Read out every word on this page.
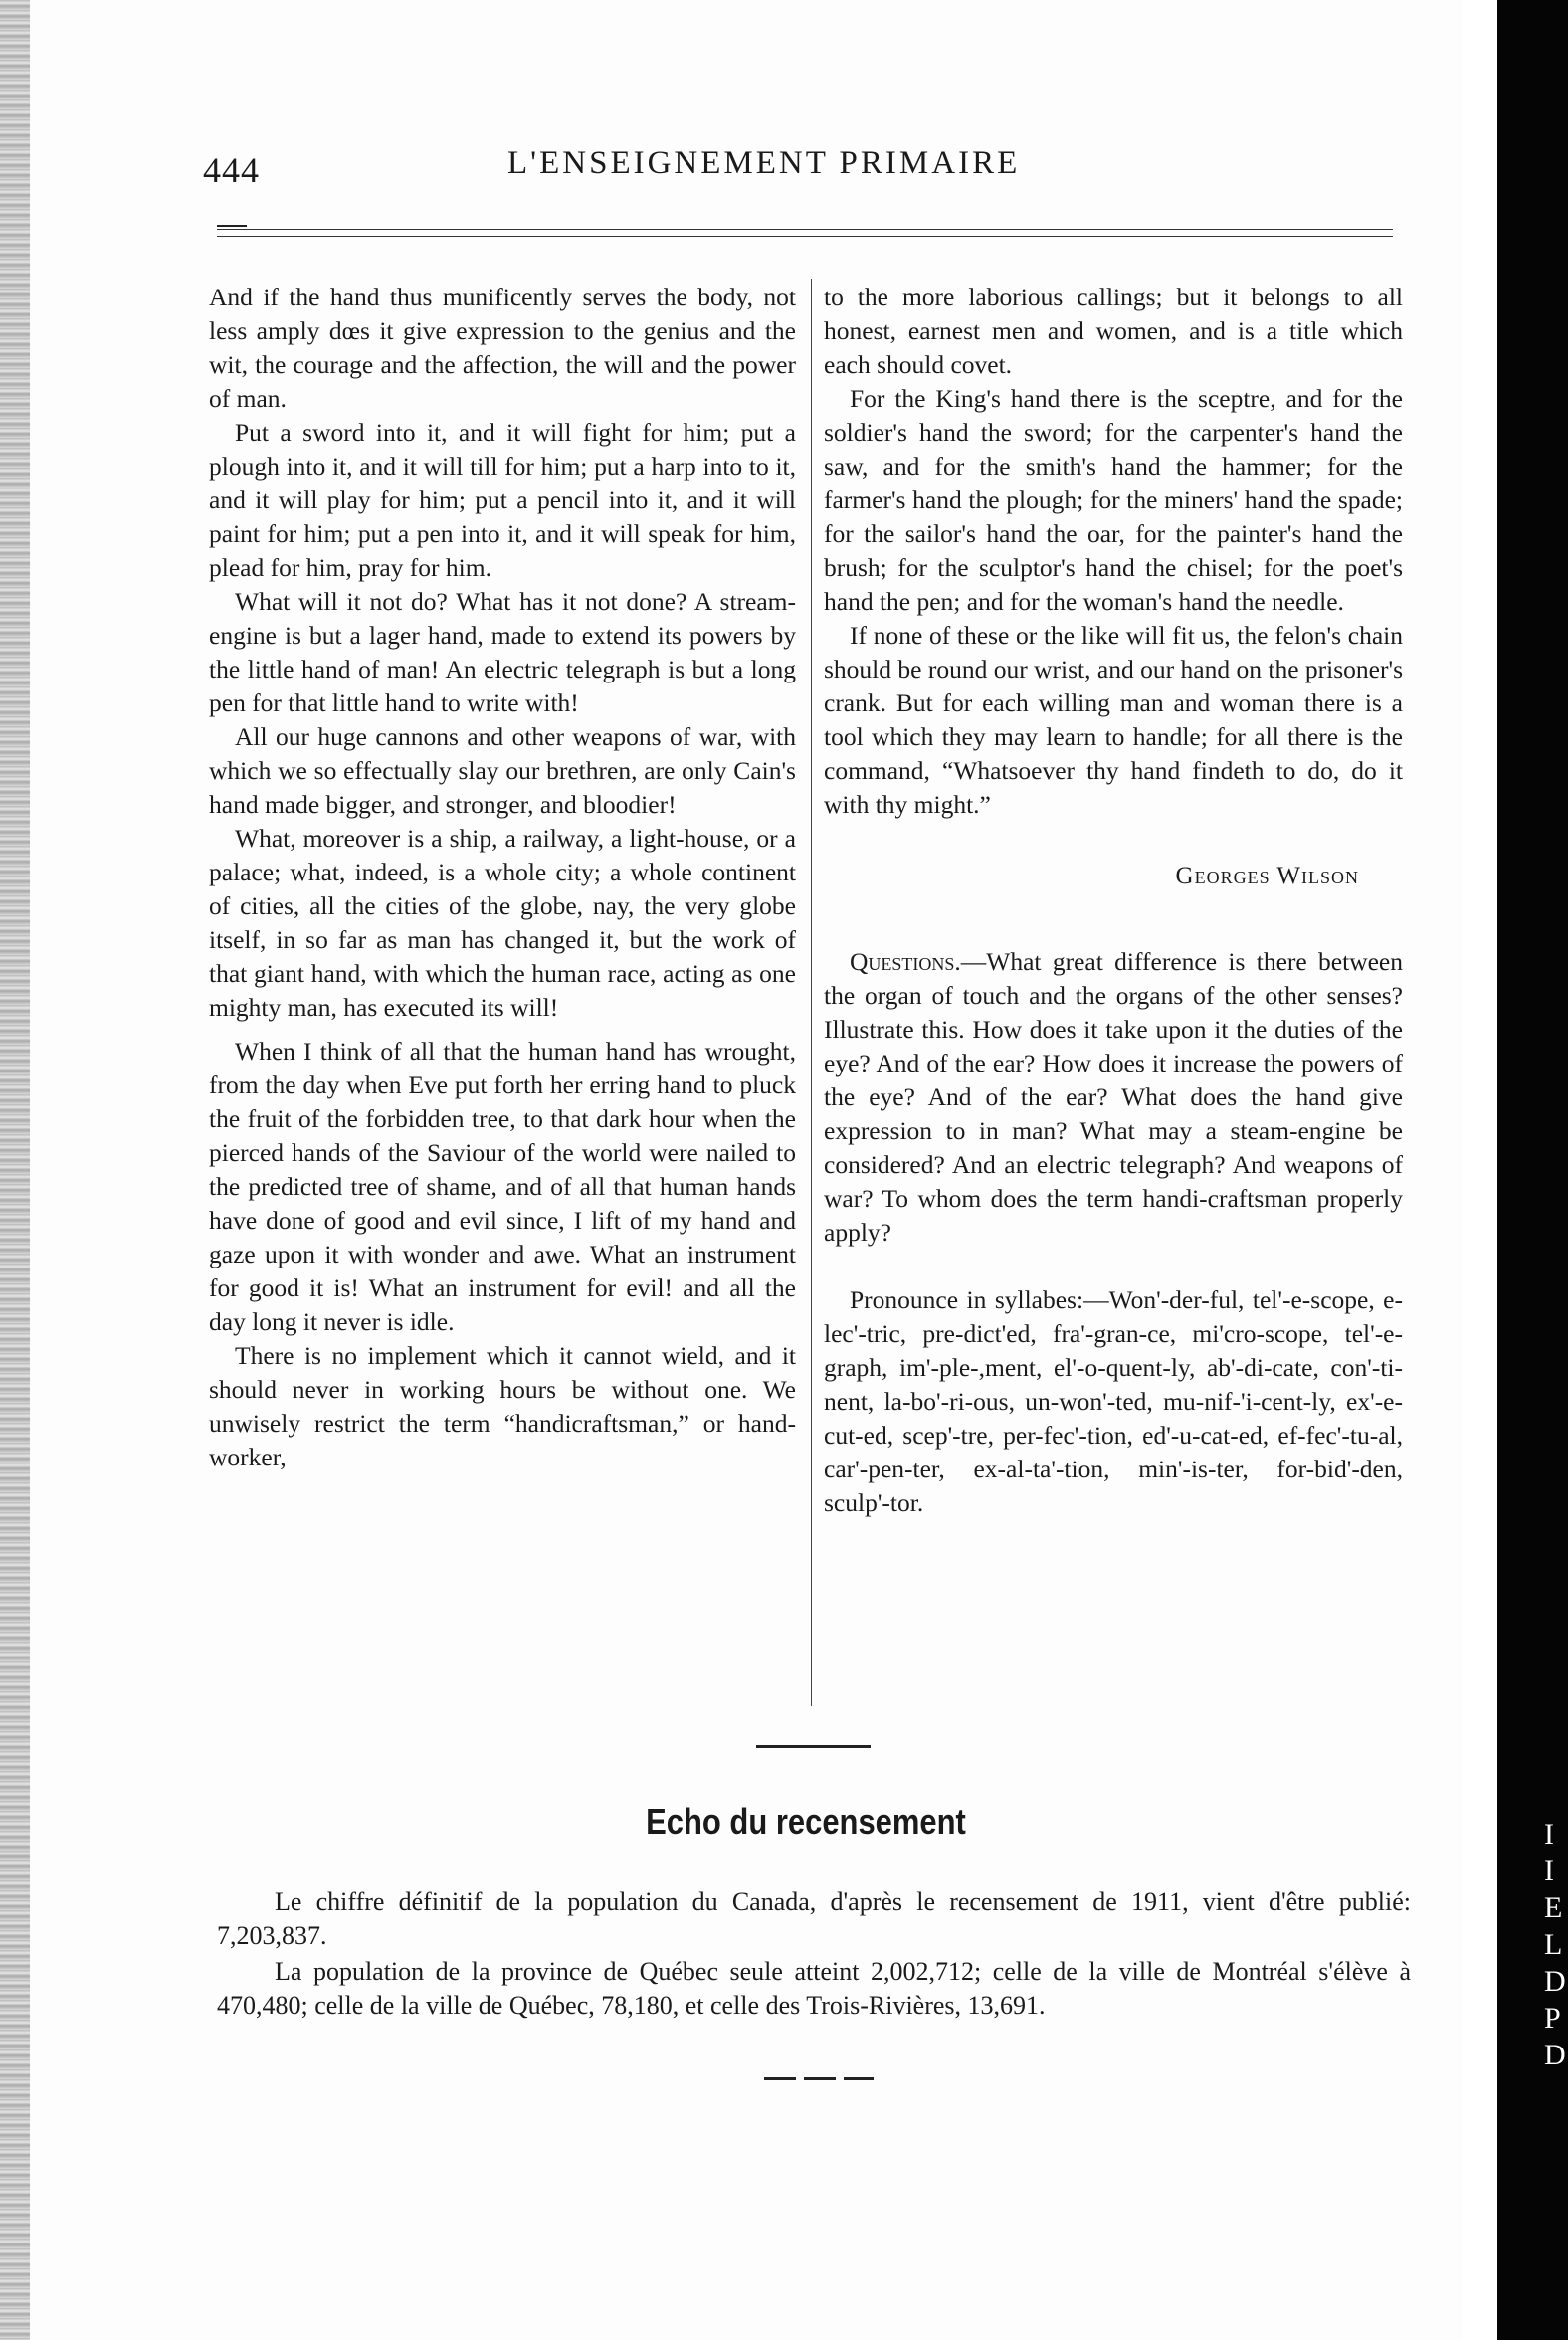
I
I
E
L
D
P
D
444	L'ENSEIGNEMENT PRIMAIRE

And if the hand thus munificently serves the body, not less amply dœs it give expression to the genius and the wit, the courage and the affection, the will and the power of man.

Put a sword into it, and it will fight for him; put a plough into it, and it will till for him; put a harp into to it, and it will play for him; put a pencil into it, and it will paint for him; put a pen into it, and it will speak for him, plead for him, pray for him.

What will it not do? What has it not done? A stream-engine is but a lager hand, made to extend its powers by the little hand of man! An electric telegraph is but a long pen for that little hand to write with!

All our huge cannons and other weapons of war, with which we so effectually slay our brethren, are only Cain's hand made bigger, and stronger, and bloodier!

What, moreover is a ship, a railway, a light-house, or a palace; what, indeed, is a whole city; a whole continent of cities, all the cities of the globe, nay, the very globe itself, in so far as man has changed it, but the work of that giant hand, with which the human race, acting as one mighty man, has executed its will!

When I think of all that the human hand has wrought, from the day when Eve put forth her erring hand to pluck the fruit of the forbidden tree, to that dark hour when the pierced hands of the Saviour of the world were nailed to the predicted tree of shame, and of all that human hands have done of good and evil since, I lift of my hand and gaze upon it with wonder and awe. What an instrument for good it is! What an instrument for evil! and all the day long it never is idle.

There is no implement which it cannot wield, and it should never in working hours be without one. We unwisely restrict the term “handicraftsman,” or hand-worker,

to the more laborious callings; but it belongs to all honest, earnest men and women, and is a title which each should covet.

For the King's hand there is the sceptre, and for the soldier's hand the sword; for the carpenter's hand the saw, and for the smith's hand the hammer; for the farmer's hand the plough; for the miners' hand the spade; for the sailor's hand the oar, for the painter's hand the brush; for the sculptor's hand the chisel; for the poet's hand the pen; and for the woman's hand the needle.

If none of these or the like will fit us, the felon's chain should be round our wrist, and our hand on the prisoner's crank. But for each willing man and woman there is a tool which they may learn to handle; for all there is the command, “Whatsoever thy hand findeth to do, do it with thy might.”

Georges Wilson

Questions.—What great difference is there between the organ of touch and the organs of the other senses? Illustrate this. How does it take upon it the duties of the eye? And of the ear? How does it increase the powers of the eye? And of the ear? What does the hand give expression to in man? What may a steam-engine be considered? And an electric telegraph? And weapons of war? To whom does the term handi-craftsman properly apply?

Pronounce in syllabes:—Won'-der-ful, tel'-e-scope, e-lec'-tric, pre-dict'ed, fra'-gran-ce, mi'cro-scope, tel'-e-graph, im'-ple-,ment, el'-o-quent-ly, ab'-di-cate, con'-ti-nent, la-bo'-ri-ous, un-won'-ted, mu-nif-'i-cent-ly, ex'-e-cut-ed, scep'-tre, per-fec'-tion, ed'-u-cat-ed, ef-fec'-tu-al, car'-pen-ter, ex-al-ta'-tion, min'-is-ter, for-bid'-den, sculp'-tor.

Echo du recensement

Le chiffre définitif de la population du Canada, d'après le recensement de 1911, vient d'être publié: 7,203,837.

La population de la province de Québec seule atteint 2,002,712; celle de la ville de Montréal s'élève à 470,480; celle de la ville de Québec, 78,180, et celle des Trois-Rivières, 13,691.
